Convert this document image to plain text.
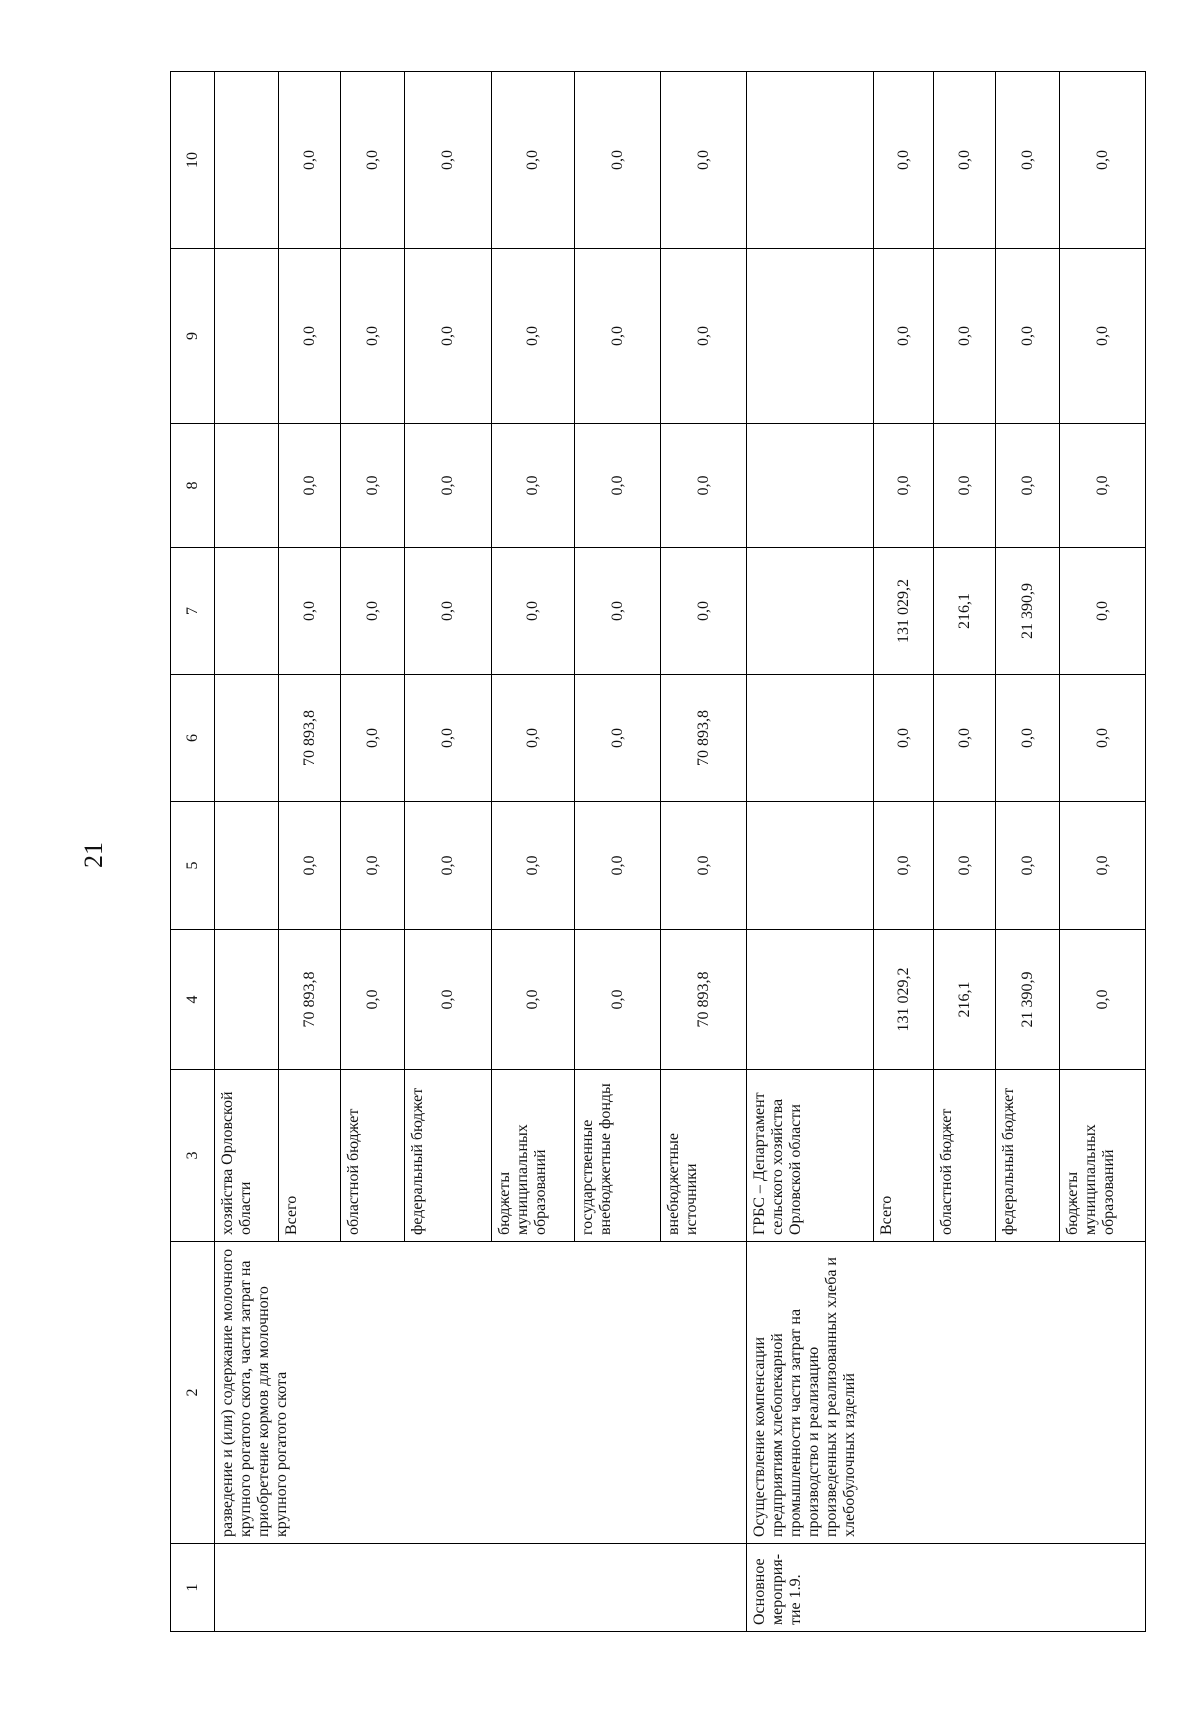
21
1	2	3	4	5	6	7	8	9	10
	разведение и (или) содержание молочного крупного рогатого скота, части затрат на приобретение кормов для молочного крупного рогатого скота	хозяйства Орловской области							
		Всего	70 893,8	0,0	70 893,8	0,0	0,0	0,0	0,0
		областной бюджет	0,0	0,0	0,0	0,0	0,0	0,0	0,0
		федеральный бюджет	0,0	0,0	0,0	0,0	0,0	0,0	0,0
		бюджеты муниципальных образований	0,0	0,0	0,0	0,0	0,0	0,0	0,0
		государственные внебюджетные фонды	0,0	0,0	0,0	0,0	0,0	0,0	0,0
		внебюджетные источники	70 893,8	0,0	70 893,8	0,0	0,0	0,0	0,0
Основное мероприя-тие 1.9.	Осуществление компенсации предприятиям хлебопекарной промышленности части затрат на производство и реализацию произведенных и реализованных хлеба и хлебобулочных изделий	ГРБС – Департамент сельского хозяйства Орловской области							
		Всего	131 029,2	0,0	0,0	131 029,2	0,0	0,0	0,0
		областной бюджет	216,1	0,0	0,0	216,1	0,0	0,0	0,0
		федеральный бюджет	21 390,9	0,0	0,0	21 390,9	0,0	0,0	0,0
		бюджеты муниципальных образований	0,0	0,0	0,0	0,0	0,0	0,0	0,0
